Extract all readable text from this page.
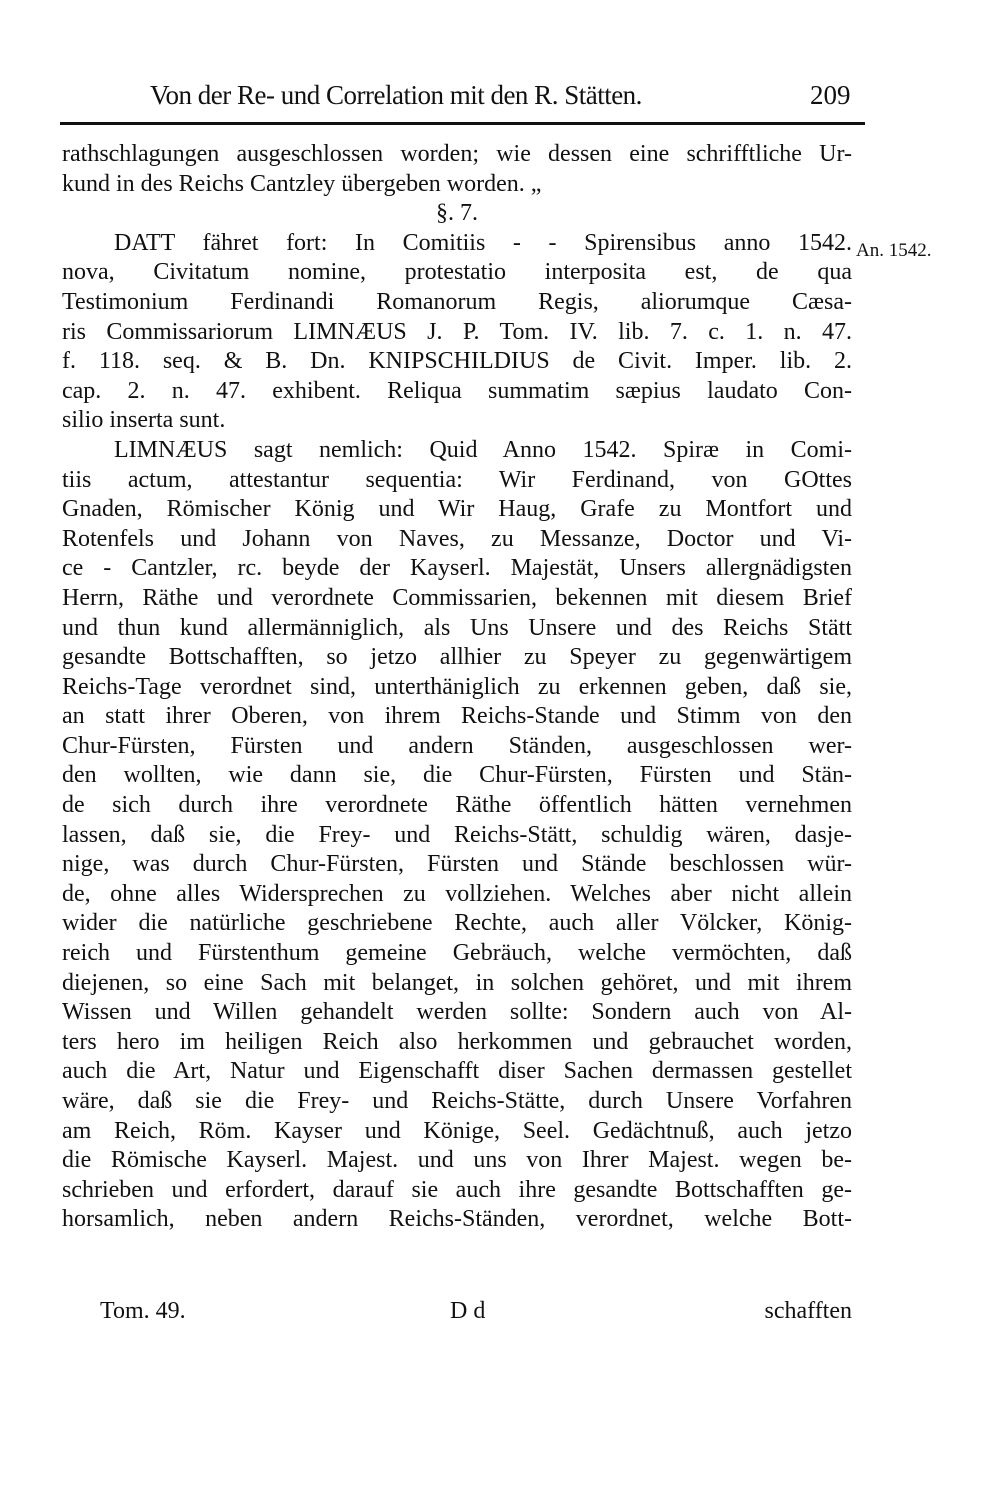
Von der Re- und Correlation mit den R. Stätten.	209
An. 1542.
rathschlagungen ausgeschlossen worden; wie dessen eine schrifftliche Ur-
kund in des Reichs Cantzley übergeben worden. „
§. 7.
DATT fähret fort: In Comitiis - - Spirensibus anno 1542.
nova, Civitatum nomine, protestatio interposita est, de qua
Testimonium Ferdinandi Romanorum Regis, aliorumque Cæsa-
ris Commissariorum LIMNÆUS J. P. Tom. IV. lib. 7. c. 1. n. 47.
f. 118. seq. & B. Dn. KNIPSCHILDIUS de Civit. Imper. lib. 2.
cap. 2. n. 47. exhibent. Reliqua summatim sæpius laudato Con-
silio inserta sunt.
LIMNÆUS sagt nemlich: Quid Anno 1542. Spiræ in Comi-
tiis actum, attestantur sequentia: Wir Ferdinand, von GOttes
Gnaden, Römischer König und Wir Haug, Grafe zu Montfort und
Rotenfels und Johann von Naves, zu Messanze, Doctor und Vi-
ce - Cantzler, rc. beyde der Kayserl. Majestät, Unsers allergnädigsten
Herrn, Räthe und verordnete Commissarien, bekennen mit diesem Brief
und thun kund allermänniglich, als Uns Unsere und des Reichs Stätt
gesandte Bottschafften, so jetzo allhier zu Speyer zu gegenwärtigem
Reichs-Tage verordnet sind, unterthäniglich zu erkennen geben, daß sie,
an statt ihrer Oberen, von ihrem Reichs-Stande und Stimm von den
Chur-Fürsten, Fürsten und andern Ständen, ausgeschlossen wer-
den wollten, wie dann sie, die Chur-Fürsten, Fürsten und Stän-
de sich durch ihre verordnete Räthe öffentlich hätten vernehmen
lassen, daß sie, die Frey- und Reichs-Stätt, schuldig wären, dasje-
nige, was durch Chur-Fürsten, Fürsten und Stände beschlossen wür-
de, ohne alles Widersprechen zu vollziehen. Welches aber nicht allein
wider die natürliche geschriebene Rechte, auch aller Völcker, König-
reich und Fürstenthum gemeine Gebräuch, welche vermöchten, daß
diejenen, so eine Sach mit belanget, in solchen gehöret, und mit ihrem
Wissen und Willen gehandelt werden sollte: Sondern auch von Al-
ters hero im heiligen Reich also herkommen und gebrauchet worden,
auch die Art, Natur und Eigenschafft diser Sachen dermassen gestellet
wäre, daß sie die Frey- und Reichs-Stätte, durch Unsere Vorfahren
am Reich, Röm. Kayser und Könige, Seel. Gedächtnuß, auch jetzo
die Römische Kayserl. Majest. und uns von Ihrer Majest. wegen be-
schrieben und erfordert, darauf sie auch ihre gesandte Bottschafften ge-
horsamlich, neben andern Reichs-Ständen, verordnet, welche Bott-
Tom. 49.	D d	schafften
